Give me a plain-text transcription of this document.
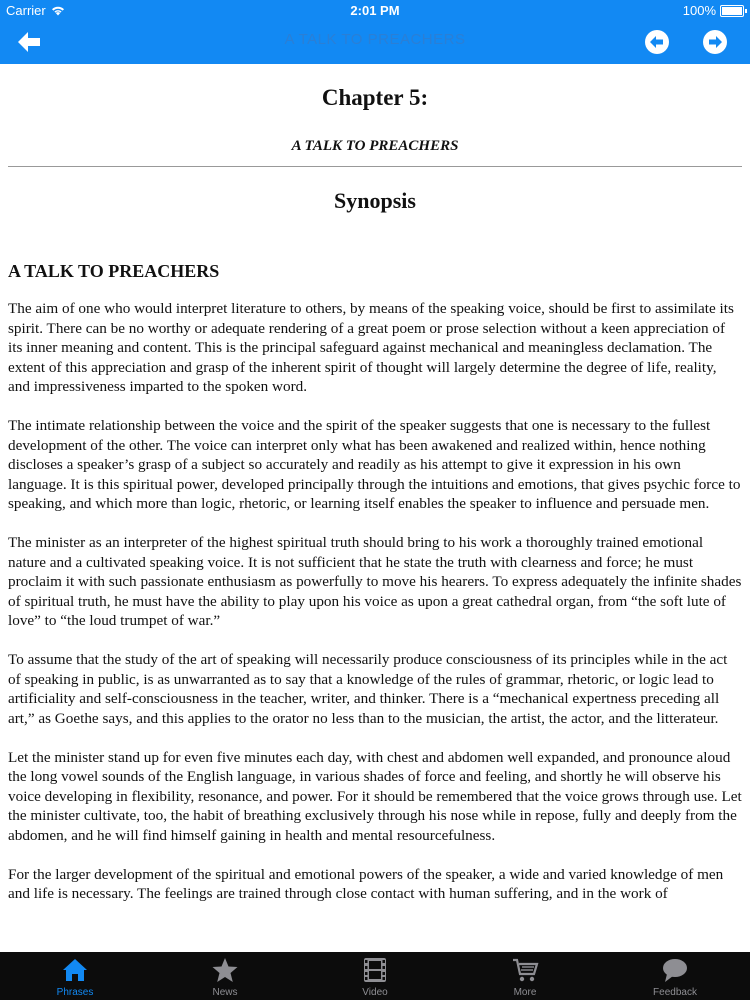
Carrier	2:01 PM	100%
A TALK TO PREACHERS
Chapter 5:
A TALK TO PREACHERS
Synopsis
A TALK TO PREACHERS

The aim of one who would interpret literature to others, by means of the speaking voice, should be first to assimilate its spirit. There can be no worthy or adequate rendering of a great poem or prose selection without a keen appreciation of its inner meaning and content. This is the principal safeguard against mechanical and meaningless declamation. The extent of this appreciation and grasp of the inherent spirit of thought will largely determine the degree of life, reality, and impressiveness imparted to the spoken word.

The intimate relationship between the voice and the spirit of the speaker suggests that one is necessary to the fullest development of the other. The voice can interpret only what has been awakened and realized within, hence nothing discloses a speaker’s grasp of a subject so accurately and readily as his attempt to give it expression in his own language. It is this spiritual power, developed principally through the intuitions and emotions, that gives psychic force to speaking, and which more than logic, rhetoric, or learning itself enables the speaker to influence and persuade men.

The minister as an interpreter of the highest spiritual truth should bring to his work a thoroughly trained emotional nature and a cultivated speaking voice. It is not sufficient that he state the truth with clearness and force; he must proclaim it with such passionate enthusiasm as powerfully to move his hearers. To express adequately the infinite shades of spiritual truth, he must have the ability to play upon his voice as upon a great cathedral organ, from “the soft lute of love” to “the loud trumpet of war.”

To assume that the study of the art of speaking will necessarily produce consciousness of its principles while in the act of speaking in public, is as unwarranted as to say that a knowledge of the rules of grammar, rhetoric, or logic lead to artificiality and self-consciousness in the teacher, writer, and thinker. There is a “mechanical expertness preceding all art,” as Goethe says, and this applies to the orator no less than to the musician, the artist, the actor, and the litterateur.

Let the minister stand up for even five minutes each day, with chest and abdomen well expanded, and pronounce aloud the long vowel sounds of the English language, in various shades of force and feeling, and shortly he will observe his voice developing in flexibility, resonance, and power. For it should be remembered that the voice grows through use. Let the minister cultivate, too, the habit of breathing exclusively through his nose while in repose, fully and deeply from the abdomen, and he will find himself gaining in health and mental resourcefulness.

For the larger development of the spiritual and emotional powers of the speaker, a wide and varied knowledge of men and life is necessary. The feelings are trained through close contact with human suffering, and in the work of

Phrases	News	Video	More	Feedback
